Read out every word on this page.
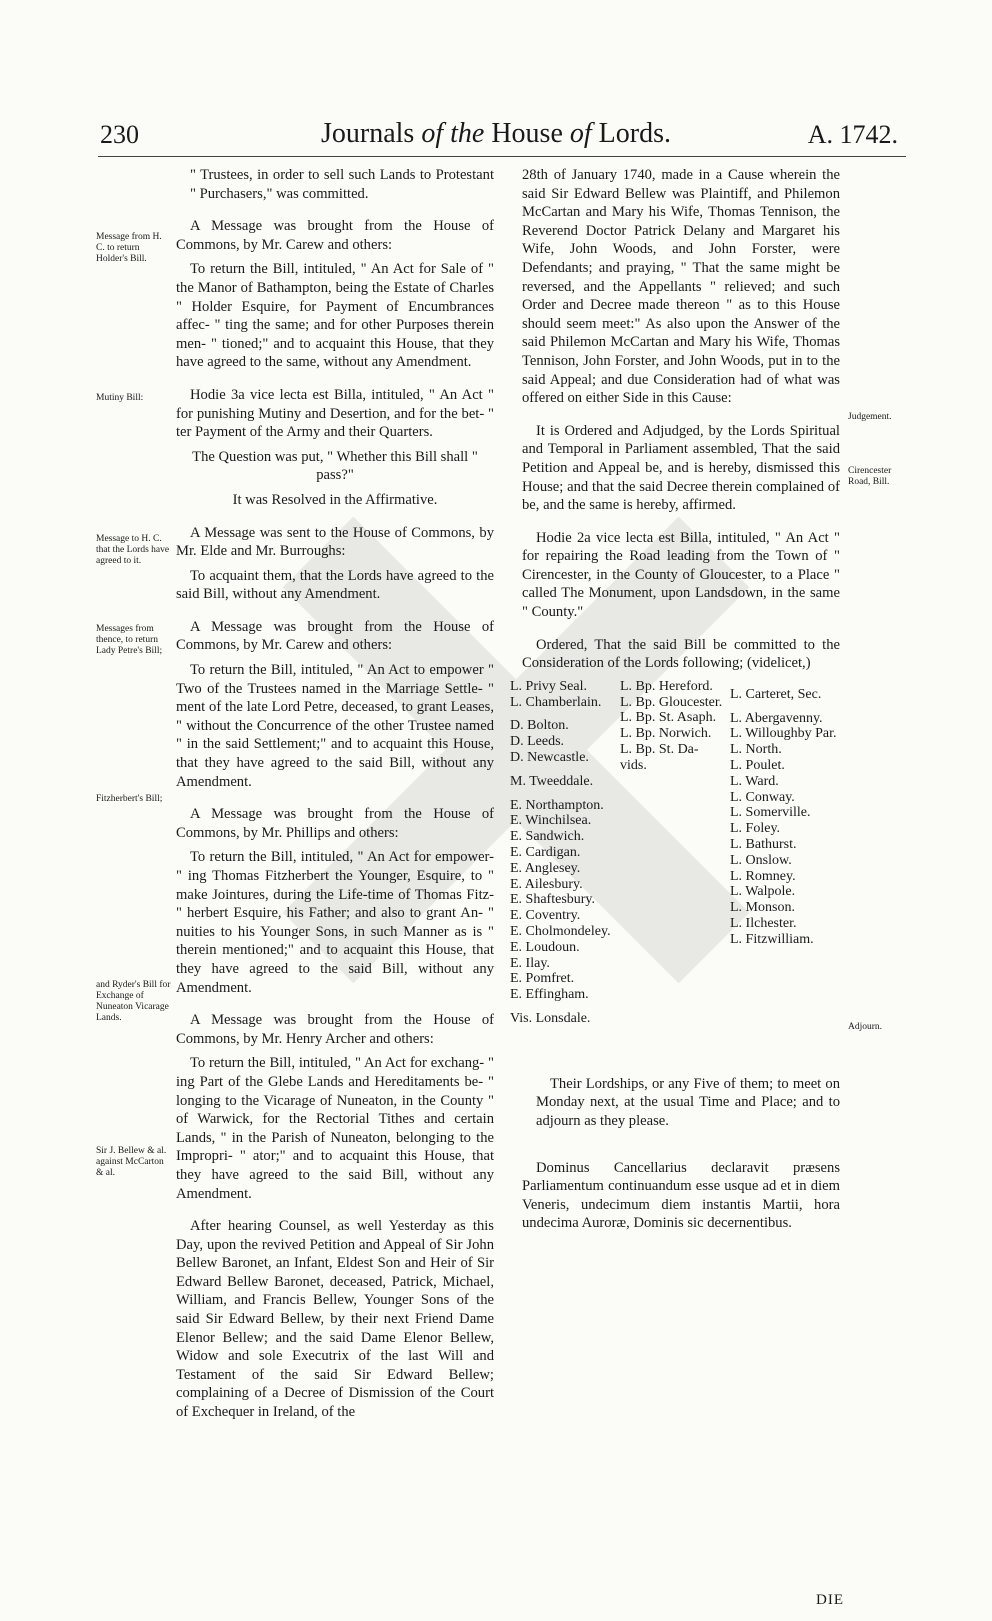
230	Journals of the House of Lords.	A. 1742.
Message from H. C. to return Holder's Bill.
Mutiny Bill:
Message to H. C. that the Lords have agreed to it.
Messages from thence, to return Lady Petre's Bill;
Fitzherbert's Bill;
and Ryder's Bill for Exchange of Nuneaton Vicarage Lands.
Sir J. Bellew & al. against McCarton & al.
Judgement.
Cirencester Road, Bill.
Adjourn.

" Trustees, in order to sell such Lands to Protestant " Purchasers," was committed.

A Message was brought from the House of Commons, by Mr. Carew and others:

To return the Bill, intituled, " An Act for Sale of " the Manor of Bathampton, being the Estate of Charles " Holder Esquire, for Payment of Encumbrances affec- " ting the same; and for other Purposes therein men- " tioned;" and to acquaint this House, that they have agreed to the same, without any Amendment.

Hodie 3a vice lecta est Billa, intituled, " An Act " for punishing Mutiny and Desertion, and for the bet- " ter Payment of the Army and their Quarters.

The Question was put, " Whether this Bill shall " pass?"

It was Resolved in the Affirmative.

A Message was sent to the House of Commons, by Mr. Elde and Mr. Burroughs:

To acquaint them, that the Lords have agreed to the said Bill, without any Amendment.

A Message was brought from the House of Commons, by Mr. Carew and others:

To return the Bill, intituled, " An Act to empower " Two of the Trustees named in the Marriage Settle- " ment of the late Lord Petre, deceased, to grant Leases, " without the Concurrence of the other Trustee named " in the said Settlement;" and to acquaint this House, that they have agreed to the said Bill, without any Amendment.

A Message was brought from the House of Commons, by Mr. Phillips and others:

To return the Bill, intituled, " An Act for empower- " ing Thomas Fitzherbert the Younger, Esquire, to " make Jointures, during the Life-time of Thomas Fitz- " herbert Esquire, his Father; and also to grant An- " nuities to his Younger Sons, in such Manner as is " therein mentioned;" and to acquaint this House, that they have agreed to the said Bill, without any Amendment.

A Message was brought from the House of Commons, by Mr. Henry Archer and others:

To return the Bill, intituled, " An Act for exchang- " ing Part of the Glebe Lands and Hereditaments be- " longing to the Vicarage of Nuneaton, in the County " of Warwick, for the Rectorial Tithes and certain Lands, " in the Parish of Nuneaton, belonging to the Impropri- " ator;" and to acquaint this House, that they have agreed to the said Bill, without any Amendment.

After hearing Counsel, as well Yesterday as this Day, upon the revived Petition and Appeal of Sir John Bellew Baronet, an Infant, Eldest Son and Heir of Sir Edward Bellew Baronet, deceased, Patrick, Michael, William, and Francis Bellew, Younger Sons of the said Sir Edward Bellew, by their next Friend Dame Elenor Bellew; and the said Dame Elenor Bellew, Widow and sole Executrix of the last Will and Testament of the said Sir Edward Bellew; complaining of a Decree of Dismission of the Court of Exchequer in Ireland, of the

28th of January 1740, made in a Cause wherein the said Sir Edward Bellew was Plaintiff, and Philemon McCartan and Mary his Wife, Thomas Tennison, the Reverend Doctor Patrick Delany and Margaret his Wife, John Woods, and John Forster, were Defendants; and praying, " That the same might be reversed, and the Appellants " relieved; and such Order and Decree made thereon " as to this House should seem meet:" As also upon the Answer of the said Philemon McCartan and Mary his Wife, Thomas Tennison, John Forster, and John Woods, put in to the said Appeal; and due Consideration had of what was offered on either Side in this Cause:

It is Ordered and Adjudged, by the Lords Spiritual and Temporal in Parliament assembled, That the said Petition and Appeal be, and is hereby, dismissed this House; and that the said Decree therein complained of be, and the same is hereby, affirmed.

Hodie 2a vice lecta est Billa, intituled, " An Act " for repairing the Road leading from the Town of " Cirencester, in the County of Gloucester, to a Place " called The Monument, upon Landsdown, in the same " County."

Ordered, That the said Bill be committed to the Consideration of the Lords following; (videlicet,)

L. Privy Seal.
L. Chamberlain.
D. Bolton.
D. Leeds.
D. Newcastle.
M. Tweeddale.
E. Northampton.
E. Winchilsea.
E. Sandwich.
E. Cardigan.
E. Anglesey.
E. Ailesbury.
E. Shaftesbury.
E. Coventry.
E. Cholmondeley.
E. Loudoun.
E. Ilay.
E. Pomfret.
E. Effingham.
Vis. Lonsdale.
L. Bp. Hereford.
L. Bp. Gloucester.
L. Bp. St. Asaph.
L. Bp. Norwich.
L. Bp. St. Da-
vids.
L. Carteret, Sec.
L. Abergavenny.
L. Willoughby Par.
L. North.
L. Poulet.
L. Ward.
L. Conway.
L. Somerville.
L. Foley.
L. Bathurst.
L. Onslow.
L. Romney.
L. Walpole.
L. Monson.
L. Ilchester.
L. Fitzwilliam.

Their Lordships, or any Five of them; to meet on Monday next, at the usual Time and Place; and to adjourn as they please.

Dominus Cancellarius declaravit præsens Parliamentum continuandum esse usque ad et in diem Veneris, undecimum diem instantis Martii, hora undecima Auroræ, Dominis sic decernentibus.

DIE
